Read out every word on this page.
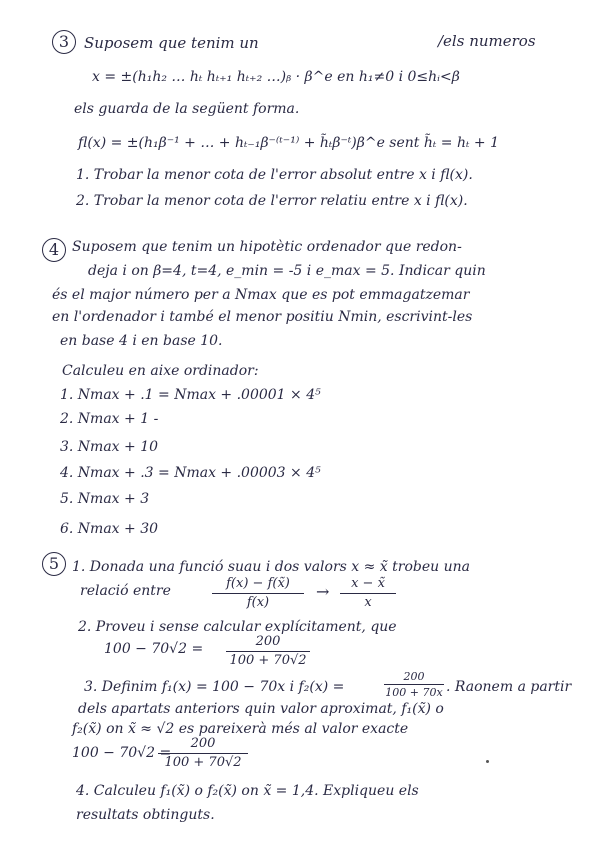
3 Suposem que tenim un	/els numeros
x = ±(h₁h₂ … hₜ hₜ₊₁ hₜ₊₂ …)ᵦ · β^e en h₁≠0 i 0≤hᵢ<β
els guarda de la següent forma.
fl(x) = ±(h₁β⁻¹ + … + hₜ₋₁β⁻⁽ᵗ⁻¹⁾ + h̃ₜβ⁻ᵗ)β^e sent h̃ₜ = hₜ + 1
1. Trobar la menor cota de l'error absolut entre x i fl(x).
2. Trobar la menor cota de l'error relatiu entre x i fl(x).
4 Suposem que tenim un hipotètic ordenador que redon-
deja i on β=4, t=4, e_min = -5 i e_max = 5. Indicar quin
és el major número per a Nmax que es pot emmagatzemar
en l'ordenador i també el menor positiu Nmin, escrivint-les
en base 4 i en base 10.
Calculeu en aixe ordinador:
1. Nmax + .1 = Nmax + .00001 × 4⁵
2. Nmax + 1 -
3. Nmax + 10
4. Nmax + .3 = Nmax + .00003 × 4⁵
5. Nmax + 3
6. Nmax + 30
5 1. Donada una funció suau i dos valors x ≈ x̃ trobeu una
relació entre	f(x) − f(x̃)
f(x)
→	x − x̃
x
2. Proveu i sense calcular explícitament, que
100 − 70√2 =	200
100 + 70√2
3. Definim f₁(x) = 100 − 70x i f₂(x) =
200
100 + 70x . Raonem a partir
dels apartats anteriors quin valor aproximat, f₁(x̃) o
f₂(x̃) on x̃ ≈ √2 es pareixerà més al valor exacte
100 − 70√2 =
200
100 + 70√2
4. Calculeu f₁(x̃) o f₂(x̃) on x̃ = 1,4. Expliqueu els
resultats obtinguts.
